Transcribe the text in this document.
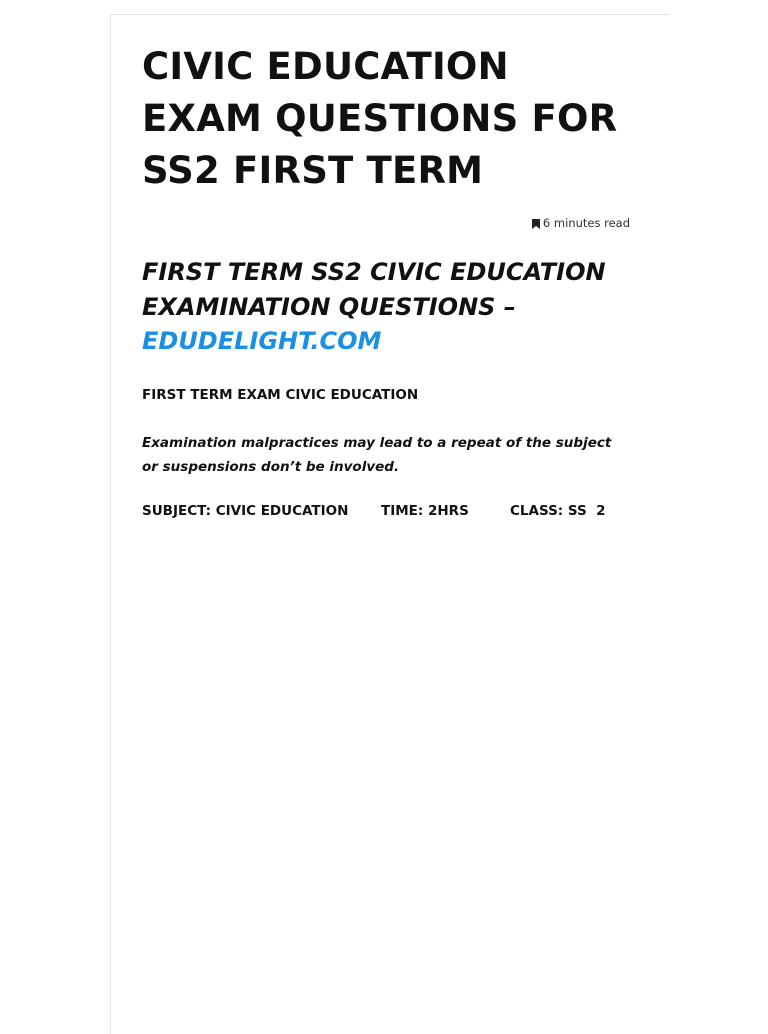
CIVIC EDUCATION EXAM QUESTIONS FOR SS2 FIRST TERM
6 minutes read
FIRST TERM SS2 CIVIC EDUCATION EXAMINATION QUESTIONS –
EDUDELIGHT.COM
FIRST TERM EXAM CIVIC EDUCATION
Examination malpractices may lead to a repeat of the subject or suspensions don’t be involved.
SUBJECT: CIVIC EDUCATION	TIME: 2HRS	CLASS: SS  2
